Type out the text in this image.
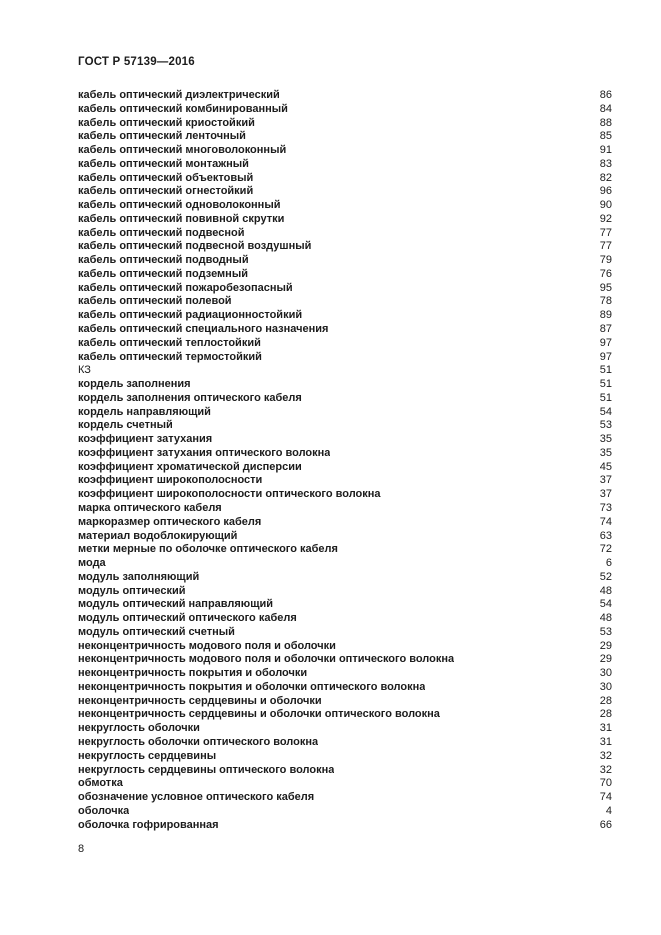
ГОСТ Р 57139—2016
кабель оптический диэлектрический	86
кабель оптический комбинированный	84
кабель оптический криостойкий	88
кабель оптический ленточный	85
кабель оптический многоволоконный	91
кабель оптический монтажный	83
кабель оптический объектовый	82
кабель оптический огнестойкий	96
кабель оптический одноволоконный	90
кабель оптический повивной скрутки	92
кабель оптический подвесной	77
кабель оптический подвесной воздушный	77
кабель оптический подводный	79
кабель оптический подземный	76
кабель оптический пожаробезопасный	95
кабель оптический полевой	78
кабель оптический радиационностойкий	89
кабель оптический специального назначения	87
кабель оптический теплостойкий	97
кабель оптический термостойкий	97
КЗ	51
кордель заполнения	51
кордель заполнения оптического кабеля	51
кордель направляющий	54
кордель счетный	53
коэффициент затухания	35
коэффициент затухания оптического волокна	35
коэффициент хроматической дисперсии	45
коэффициент широкополосности	37
коэффициент широкополосности оптического волокна	37
марка оптического кабеля	73
маркоразмер оптического кабеля	74
материал водоблокирующий	63
метки мерные по оболочке оптического кабеля	72
мода	6
модуль заполняющий	52
модуль оптический	48
модуль оптический направляющий	54
модуль оптический оптического кабеля	48
модуль оптический счетный	53
неконцентричность модового поля и оболочки	29
неконцентричность модового поля и оболочки оптического волокна	29
неконцентричность покрытия и оболочки	30
неконцентричность покрытия и оболочки оптического волокна	30
неконцентричность сердцевины и оболочки	28
неконцентричность сердцевины и оболочки оптического волокна	28
некруглость оболочки	31
некруглость оболочки оптического волокна	31
некруглость сердцевины	32
некруглость сердцевины оптического волокна	32
обмотка	70
обозначение условное оптического кабеля	74
оболочка	4
оболочка гофрированная	66
8
